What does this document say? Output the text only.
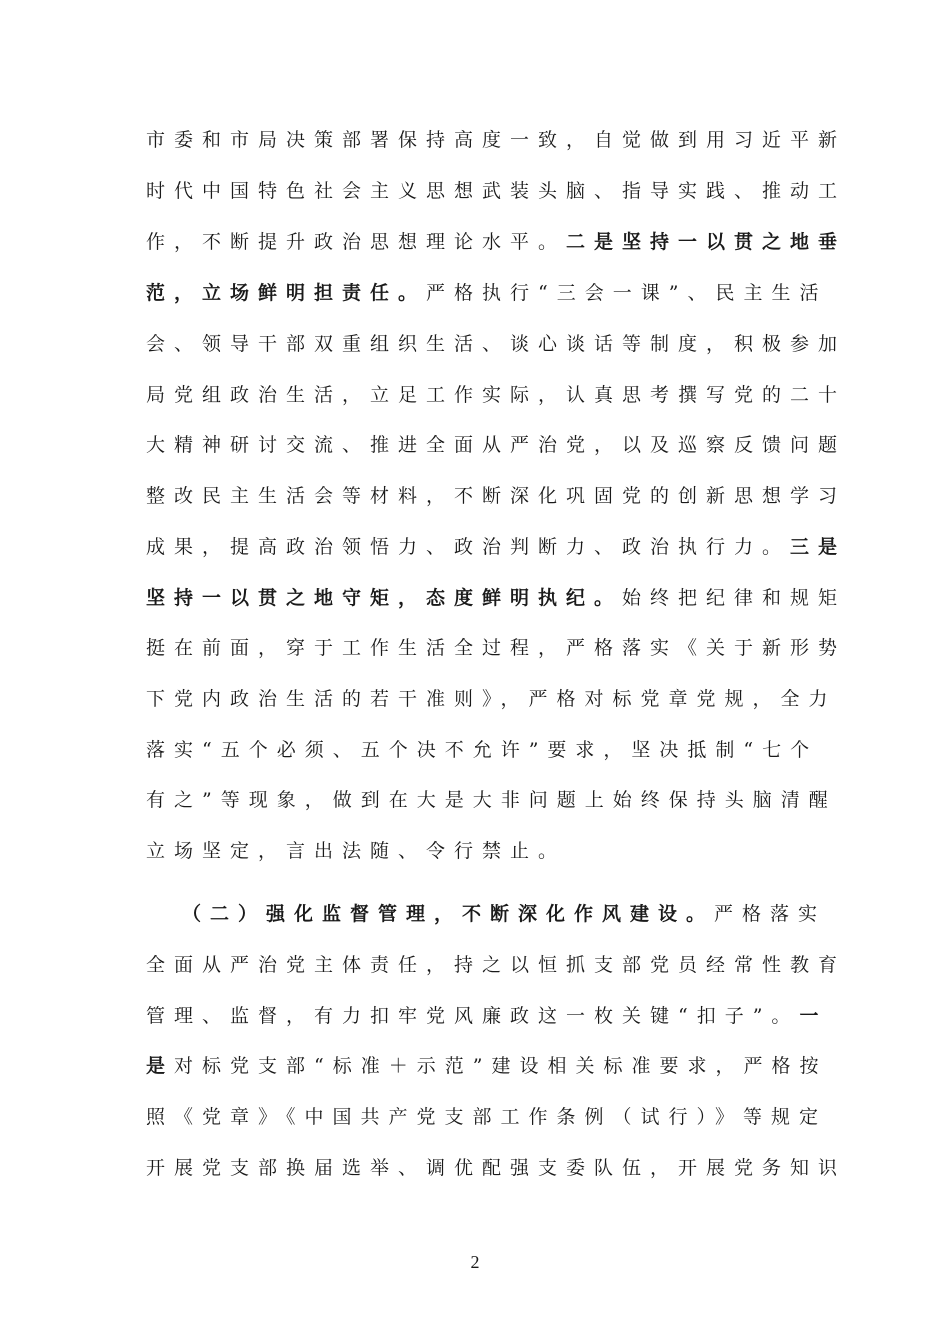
市委和市局决策部署保持高度一致，自觉做到用习近平新
时代中国特色社会主义思想武装头脑、指导实践、推动工
作，不断提升政治思想理论水平。二是坚持一以贯之地垂
范，立场鲜明担责任。严格执行“三会一课”、民主生活
会、领导干部双重组织生活、谈心谈话等制度，积极参加
局党组政治生活，立足工作实际，认真思考撰写党的二十
大精神研讨交流、推进全面从严治党，以及巡察反馈问题
整改民主生活会等材料，不断深化巩固党的创新思想学习
成果，提高政治领悟力、政治判断力、政治执行力。三是
坚持一以贯之地守矩，态度鲜明执纪。始终把纪律和规矩
挺在前面，穿于工作生活全过程，严格落实《关于新形势
下党内政治生活的若干准则》，严格对标党章党规，全力
落实“五个必须、五个决不允许”要求，坚决抵制“七个
有之”等现象，做到在大是大非问题上始终保持头脑清醒
立场坚定，言出法随、令行禁止。
（二）强化监督管理，不断深化作风建设。严格落实
全面从严治党主体责任，持之以恒抓支部党员经常性教育
管理、监督，有力扣牢党风廉政这一枚关键“扣子”。一
是对标党支部“标准＋示范”建设相关标准要求，严格按
照《党章》《中国共产党支部工作条例（试行）》等规定
开展党支部换届选举、调优配强支委队伍，开展党务知识
2
